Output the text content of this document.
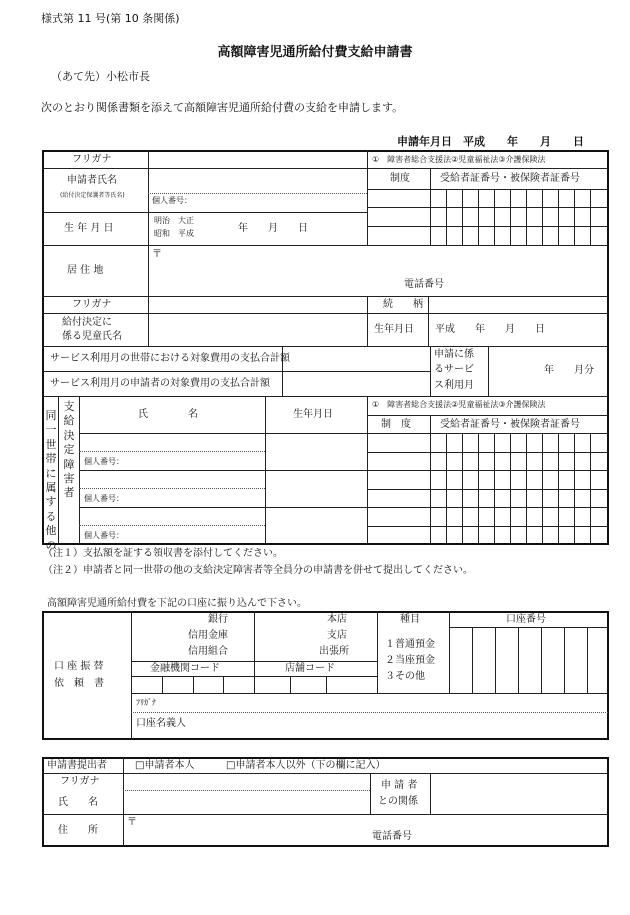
様式第 11 号(第 10 条関係)
高額障害児通所給付費支給申請書
（あて先）小松市長
次のとおり関係書類を添えて高額障害児通所給付費の支給を申請します。
申請年月日　平成　　年　　月　　日
フリガナ
申請者氏名
(給付決定保護者等氏名)
個人番号：
①　障害者総合支援法②児童福祉法③介護保険法
制度	受給者証番号・被保険者証番号
生 年 月 日
明治　大正
昭和　平成	年　　月　　日
居 住 地
〒
電話番号
フリガナ	続　　柄
給付決定に
係る児童氏名
生年月日 平成　　年　　月　　日
サービス利用月の世帯における対象費用の支払合計額
サービス利用月の申請者の対象費用の支払合計額
申請に係
るサービ
ス利用月
年　　月分
同一世帯に属する他の
支給決定障害者
氏　　　　名	生年月日
①　障害者総合支援法②児童福祉法③介護保険法
制　度	受給者証番号・被保険者証番号
個人番号：
個人番号：
個人番号：
（注１）支払額を証する領収書を添付してください。
（注２）申請者と同一世帯の他の支給決定障害者等全員分の申請書を併せて提出してください。
高額障害児通所給付費を下記の口座に振り込んで下さい。
口 座 振 替
依　頼　書
銀行
信用金庫
信用組合
本店
支店
出張所
種目
１普通預金
２当座預金
３その他
口座番号
金融機関コード	店舗コード
ﾌﾘｶﾞﾅ
口座名義人
申請書提出者	□申請者本人	□申請者本人以外（下の欄に記入）
フリガナ
氏　　名
申 請 者
との関係
住　　所
〒
電話番号
